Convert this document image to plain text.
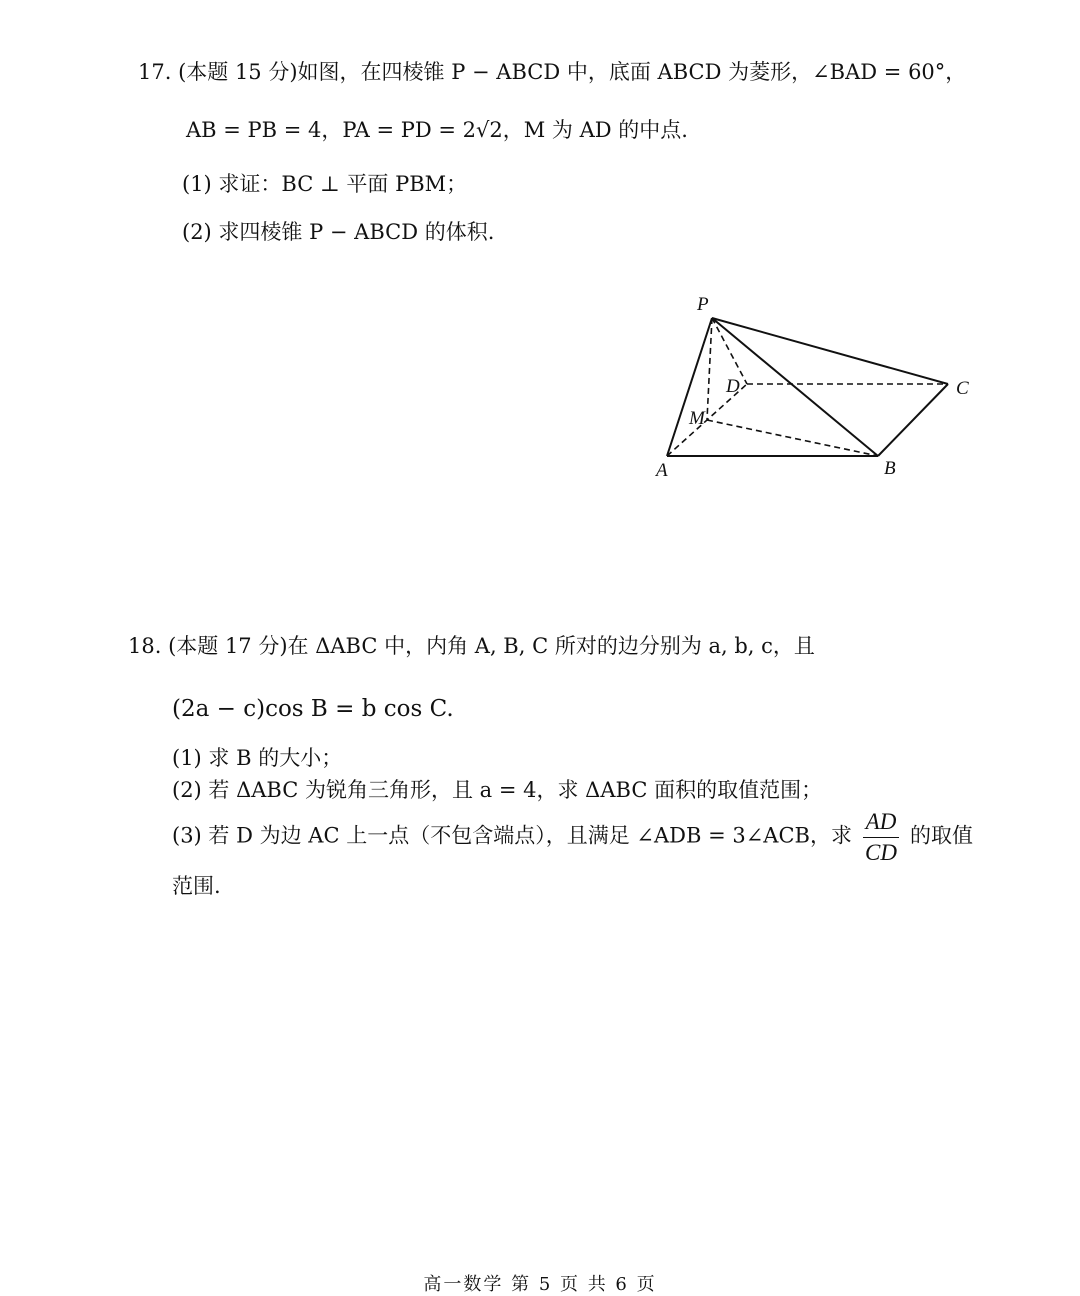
17. (本题 15 分)如图，在四棱锥 P − ABCD 中，底面 ABCD 为菱形，∠BAD = 60°，
AB = PB = 4，PA = PD = 2√2，M 为 AD 的中点.
(1) 求证：BC ⊥ 平面 PBM；
(2) 求四棱锥 P − ABCD 的体积.
P
D	C
M
A	B
18. (本题 17 分)在 ΔABC 中，内角 A, B, C 所对的边分别为 a, b, c，且
(2a − c)cos B = b cos C.
(1) 求 B 的大小；
(2) 若 ΔABC 为锐角三角形，且 a = 4，求 ΔABC 面积的取值范围；
(3) 若 D 为边 AC 上一点（不包含端点），且满足 ∠ADB = 3∠ACB，求 $\frac{AD}{CD}$ 的取值
范围.
高一数学 第 5 页 共 6 页
